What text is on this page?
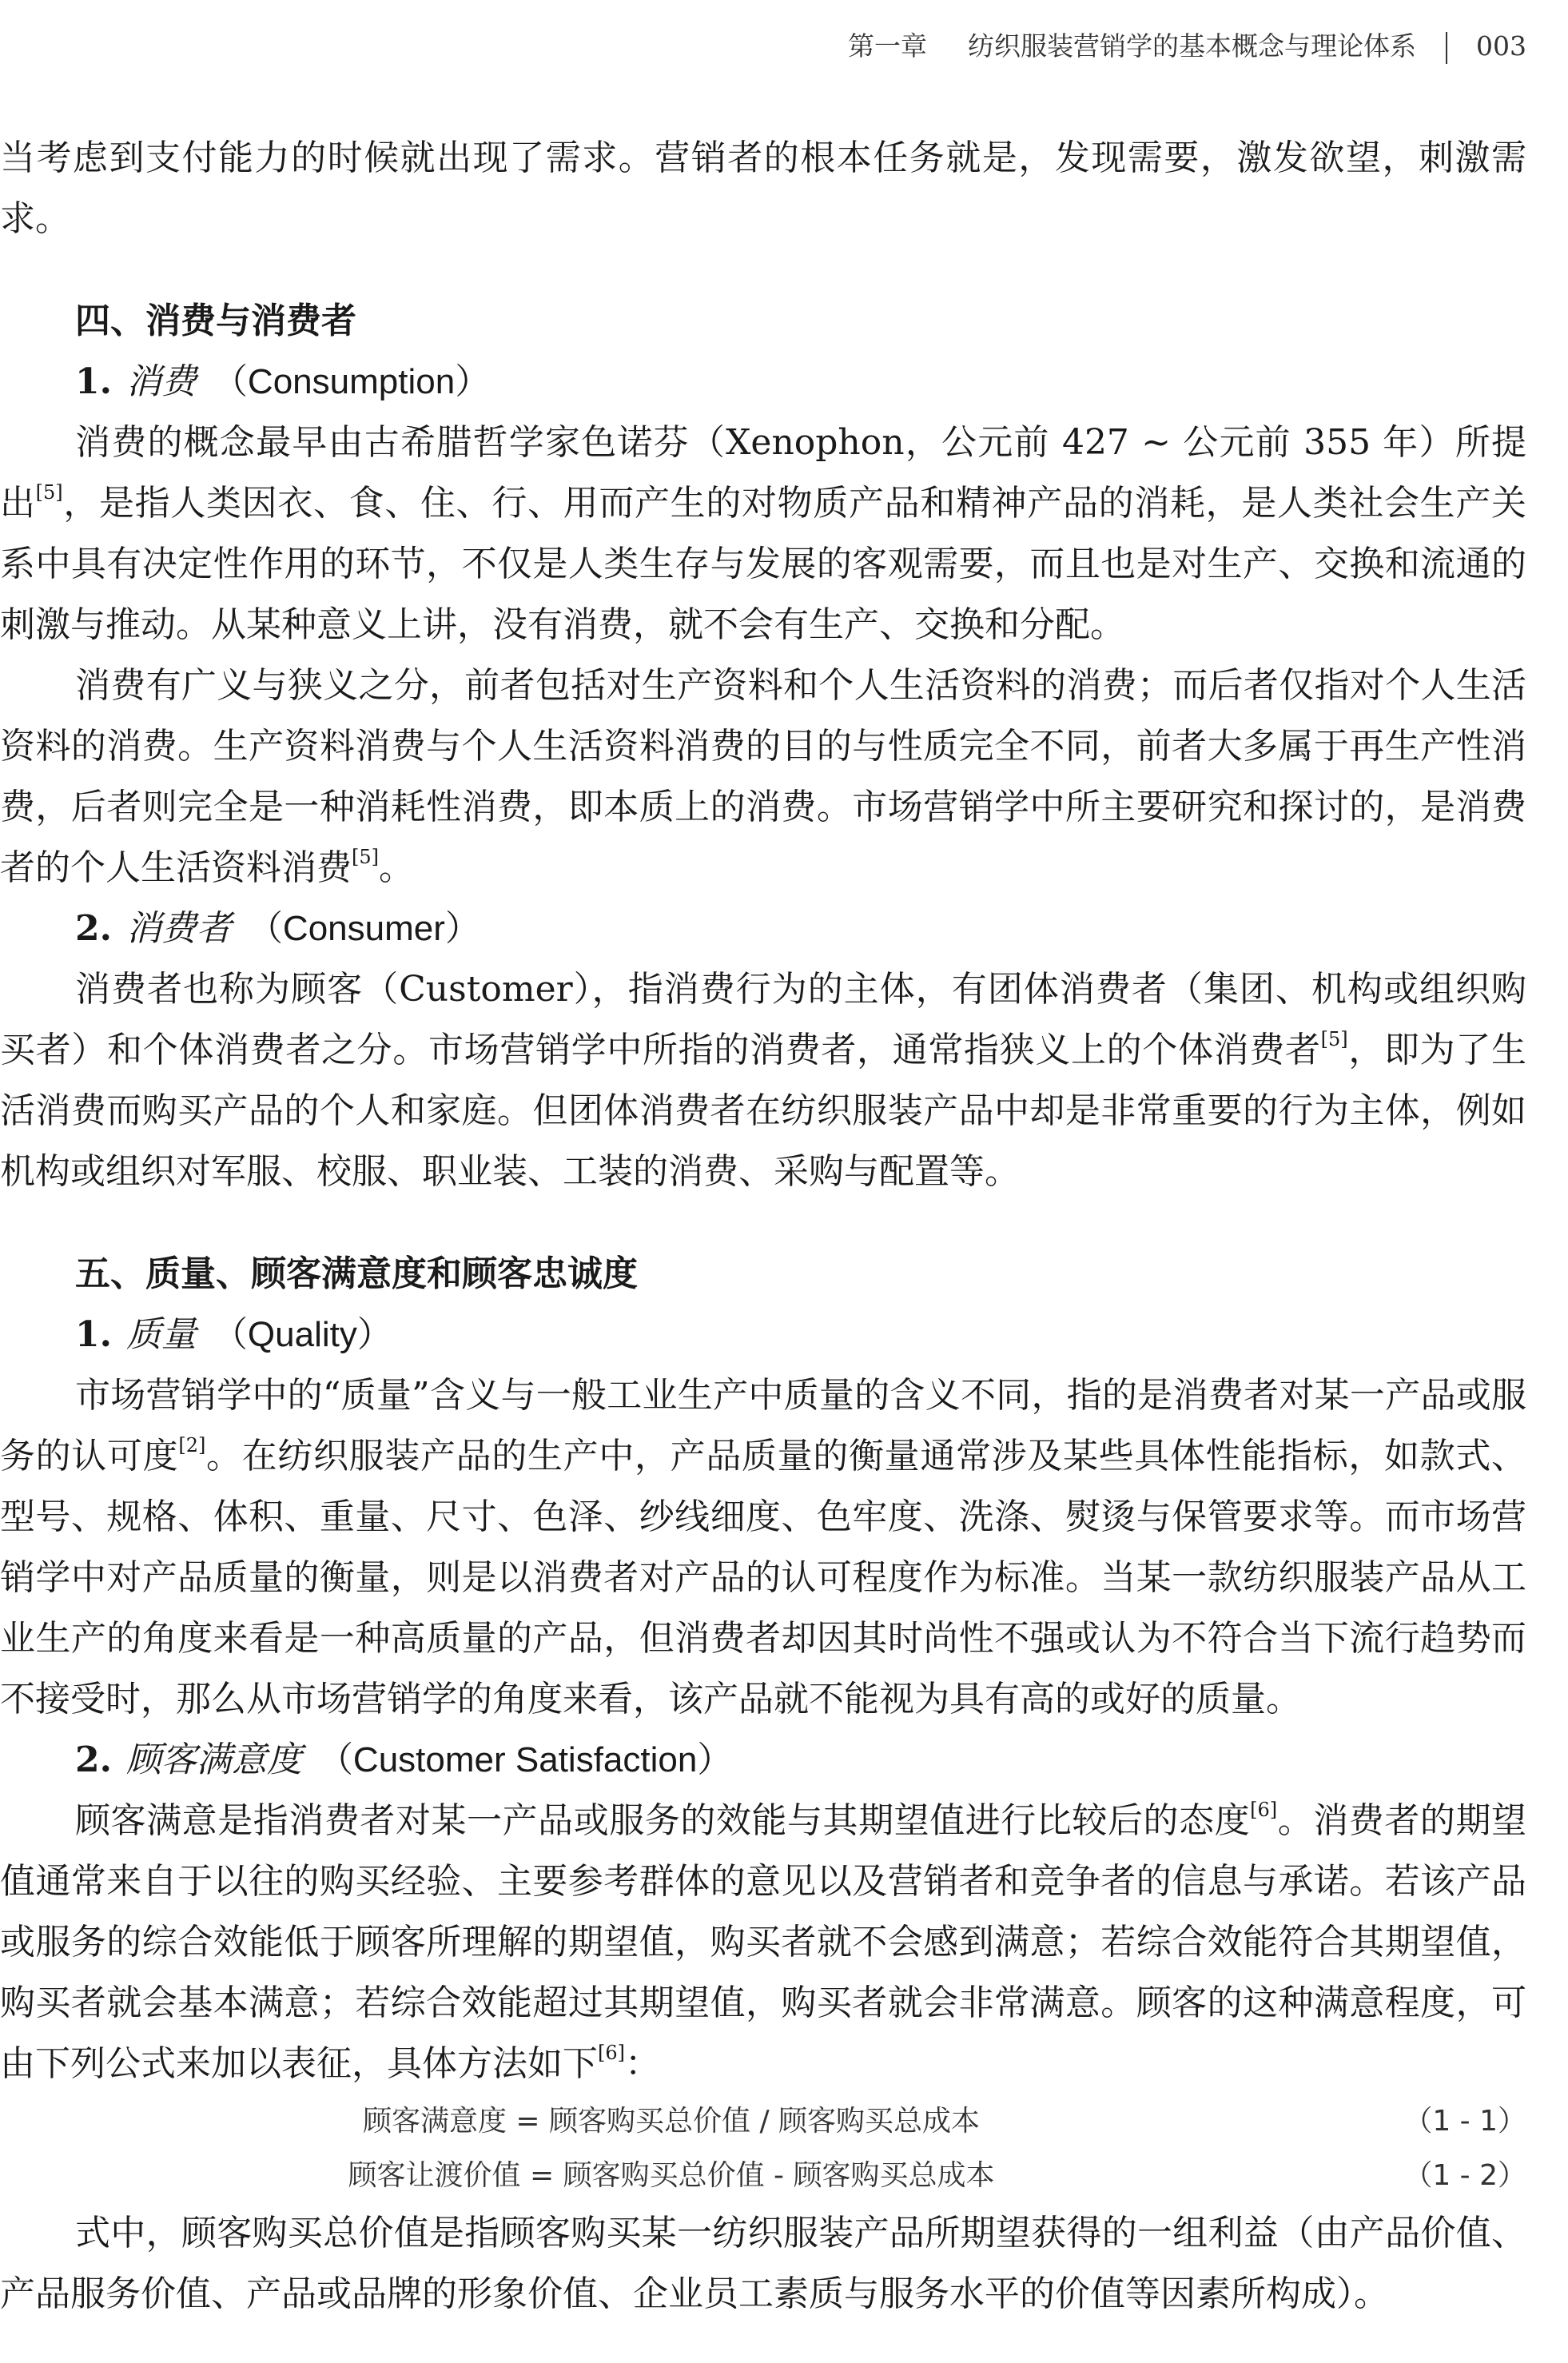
第一章 纺织服装营销学的基本概念与理论体系 003

当考虑到支付能力的时候就出现了需求。营销者的根本任务就是，发现需要，激发欲望，刺激需求。

四、消费与消费者
1. 消费 （Consumption）

消费的概念最早由古希腊哲学家色诺芬（Xenophon，公元前 427 ~ 公元前 355 年）所提出[5]，是指人类因衣、食、住、行、用而产生的对物质产品和精神产品的消耗，是人类社会生产关系中具有决定性作用的环节，不仅是人类生存与发展的客观需要，而且也是对生产、交换和流通的刺激与推动。从某种意义上讲，没有消费，就不会有生产、交换和分配。

消费有广义与狭义之分，前者包括对生产资料和个人生活资料的消费；而后者仅指对个人生活资料的消费。生产资料消费与个人生活资料消费的目的与性质完全不同，前者大多属于再生产性消费，后者则完全是一种消耗性消费，即本质上的消费。市场营销学中所主要研究和探讨的，是消费者的个人生活资料消费[5]。

2. 消费者 （Consumer）

消费者也称为顾客（Customer），指消费行为的主体，有团体消费者（集团、机构或组织购买者）和个体消费者之分。市场营销学中所指的消费者，通常指狭义上的个体消费者[5]，即为了生活消费而购买产品的个人和家庭。但团体消费者在纺织服装产品中却是非常重要的行为主体，例如机构或组织对军服、校服、职业装、工装的消费、采购与配置等。

五、质量、顾客满意度和顾客忠诚度
1. 质量 （Quality）

市场营销学中的“质量”含义与一般工业生产中质量的含义不同，指的是消费者对某一产品或服务的认可度[2]。在纺织服装产品的生产中，产品质量的衡量通常涉及某些具体性能指标，如款式、型号、规格、体积、重量、尺寸、色泽、纱线细度、色牢度、洗涤、熨烫与保管要求等。而市场营销学中对产品质量的衡量，则是以消费者对产品的认可程度作为标准。当某一款纺织服装产品从工业生产的角度来看是一种高质量的产品，但消费者却因其时尚性不强或认为不符合当下流行趋势而不接受时，那么从市场营销学的角度来看，该产品就不能视为具有高的或好的质量。

2. 顾客满意度 （Customer Satisfaction）

顾客满意是指消费者对某一产品或服务的效能与其期望值进行比较后的态度[6]。消费者的期望值通常来自于以往的购买经验、主要参考群体的意见以及营销者和竞争者的信息与承诺。若该产品或服务的综合效能低于顾客所理解的期望值，购买者就不会感到满意；若综合效能符合其期望值，购买者就会基本满意；若综合效能超过其期望值，购买者就会非常满意。顾客的这种满意程度，可由下列公式来加以表征，具体方法如下[6]：

顾客满意度 = 顾客购买总价值 / 顾客购买总成本	（1 - 1）
顾客让渡价值 = 顾客购买总价值 - 顾客购买总成本	（1 - 2）

式中，顾客购买总价值是指顾客购买某一纺织服装产品所期望获得的一组利益（由产品价值、产品服务价值、产品或品牌的形象价值、企业员工素质与服务水平的价值等因素所构成）。
